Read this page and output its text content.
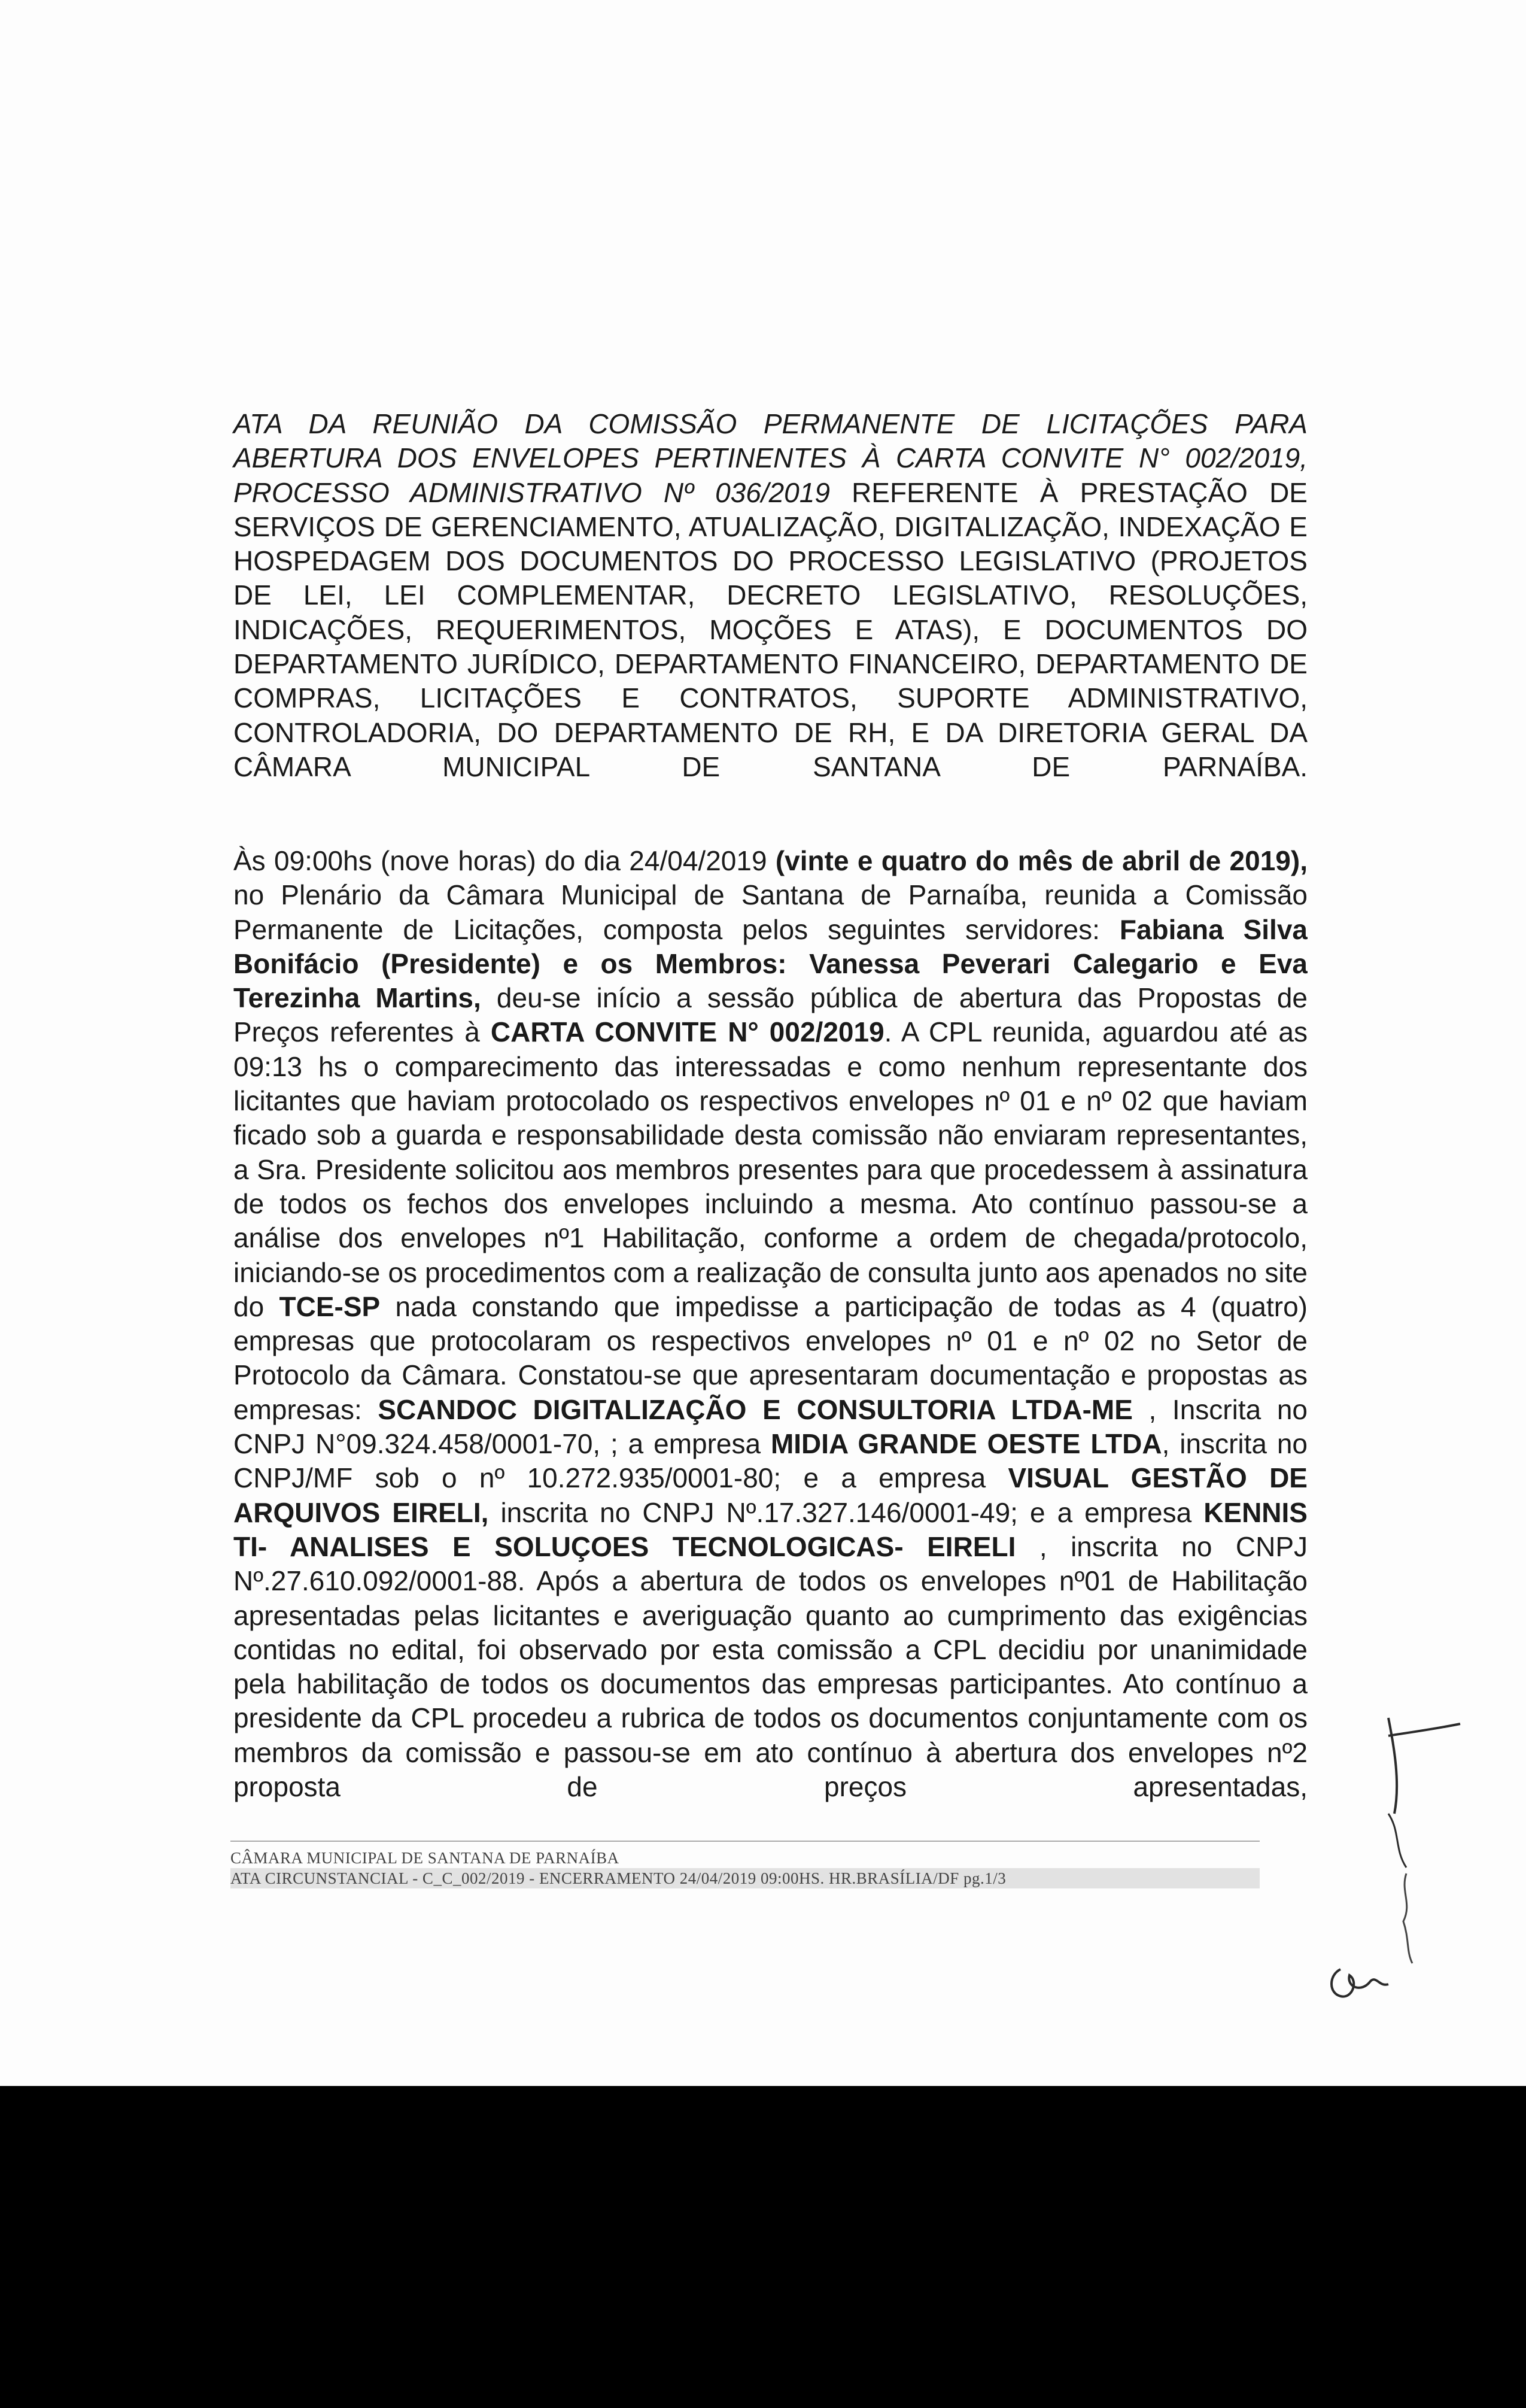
ATA DA REUNIÃO DA COMISSÃO PERMANENTE DE LICITAÇÕES PARA ABERTURA DOS ENVELOPES PERTINENTES À CARTA CONVITE N° 002/2019, PROCESSO ADMINISTRATIVO Nº 036/2019 REFERENTE À PRESTAÇÃO DE SERVIÇOS DE GERENCIAMENTO, ATUALIZAÇÃO, DIGITALIZAÇÃO, INDEXAÇÃO E HOSPEDAGEM DOS DOCUMENTOS DO PROCESSO LEGISLATIVO (PROJETOS DE LEI, LEI COMPLEMENTAR, DECRETO LEGISLATIVO, RESOLUÇÕES, INDICAÇÕES, REQUERIMENTOS, MOÇÕES E ATAS), E DOCUMENTOS DO DEPARTAMENTO JURÍDICO, DEPARTAMENTO FINANCEIRO, DEPARTAMENTO DE COMPRAS, LICITAÇÕES E CONTRATOS, SUPORTE ADMINISTRATIVO, CONTROLADORIA, DO DEPARTAMENTO DE RH, E DA DIRETORIA GERAL DA CÂMARA MUNICIPAL DE SANTANA DE PARNAÍBA.
Às 09:00hs (nove horas) do dia 24/04/2019 (vinte e quatro do mês de abril de 2019), no Plenário da Câmara Municipal de Santana de Parnaíba, reunida a Comissão Permanente de Licitações, composta pelos seguintes servidores: Fabiana Silva Bonifácio (Presidente) e os Membros: Vanessa Peverari Calegario e Eva Terezinha Martins, deu-se início a sessão pública de abertura das Propostas de Preços referentes à CARTA CONVITE N° 002/2019. A CPL reunida, aguardou até as 09:13 hs o comparecimento das interessadas e como nenhum representante dos licitantes que haviam protocolado os respectivos envelopes nº 01 e nº 02 que haviam ficado sob a guarda e responsabilidade desta comissão não enviaram representantes, a Sra. Presidente solicitou aos membros presentes para que procedessem à assinatura de todos os fechos dos envelopes incluindo a mesma. Ato contínuo passou-se a análise dos envelopes nº1 Habilitação, conforme a ordem de chegada/protocolo, iniciando-se os procedimentos com a realização de consulta junto aos apenados no site do TCE-SP nada constando que impedisse a participação de todas as 4 (quatro) empresas que protocolaram os respectivos envelopes nº 01 e nº 02 no Setor de Protocolo da Câmara. Constatou-se que apresentaram documentação e propostas as empresas: SCANDOC DIGITALIZAÇÃO E CONSULTORIA LTDA-ME , Inscrita no CNPJ N°09.324.458/0001-70, ; a empresa MIDIA GRANDE OESTE LTDA, inscrita no CNPJ/MF sob o nº 10.272.935/0001-80; e a empresa VISUAL GESTÃO DE ARQUIVOS EIRELI, inscrita no CNPJ Nº.17.327.146/0001-49; e a empresa KENNIS TI- ANALISES E SOLUÇOES TECNOLOGICAS- EIRELI , inscrita no CNPJ Nº.27.610.092/0001-88. Após a abertura de todos os envelopes nº01 de Habilitação apresentadas pelas licitantes e averiguação quanto ao cumprimento das exigências contidas no edital, foi observado por esta comissão a CPL decidiu por unanimidade pela habilitação de todos os documentos das empresas participantes. Ato contínuo a presidente da CPL procedeu a rubrica de todos os documentos conjuntamente com os membros da comissão e passou-se em ato contínuo à abertura dos envelopes nº2 proposta de preços apresentadas,
CÂMARA MUNICIPAL DE SANTANA DE PARNAÍBA
ATA CIRCUNSTANCIAL - C_C_002/2019 - ENCERRAMENTO 24/04/2019 09:00HS. HR.BRASÍLIA/DF pg.1/3
